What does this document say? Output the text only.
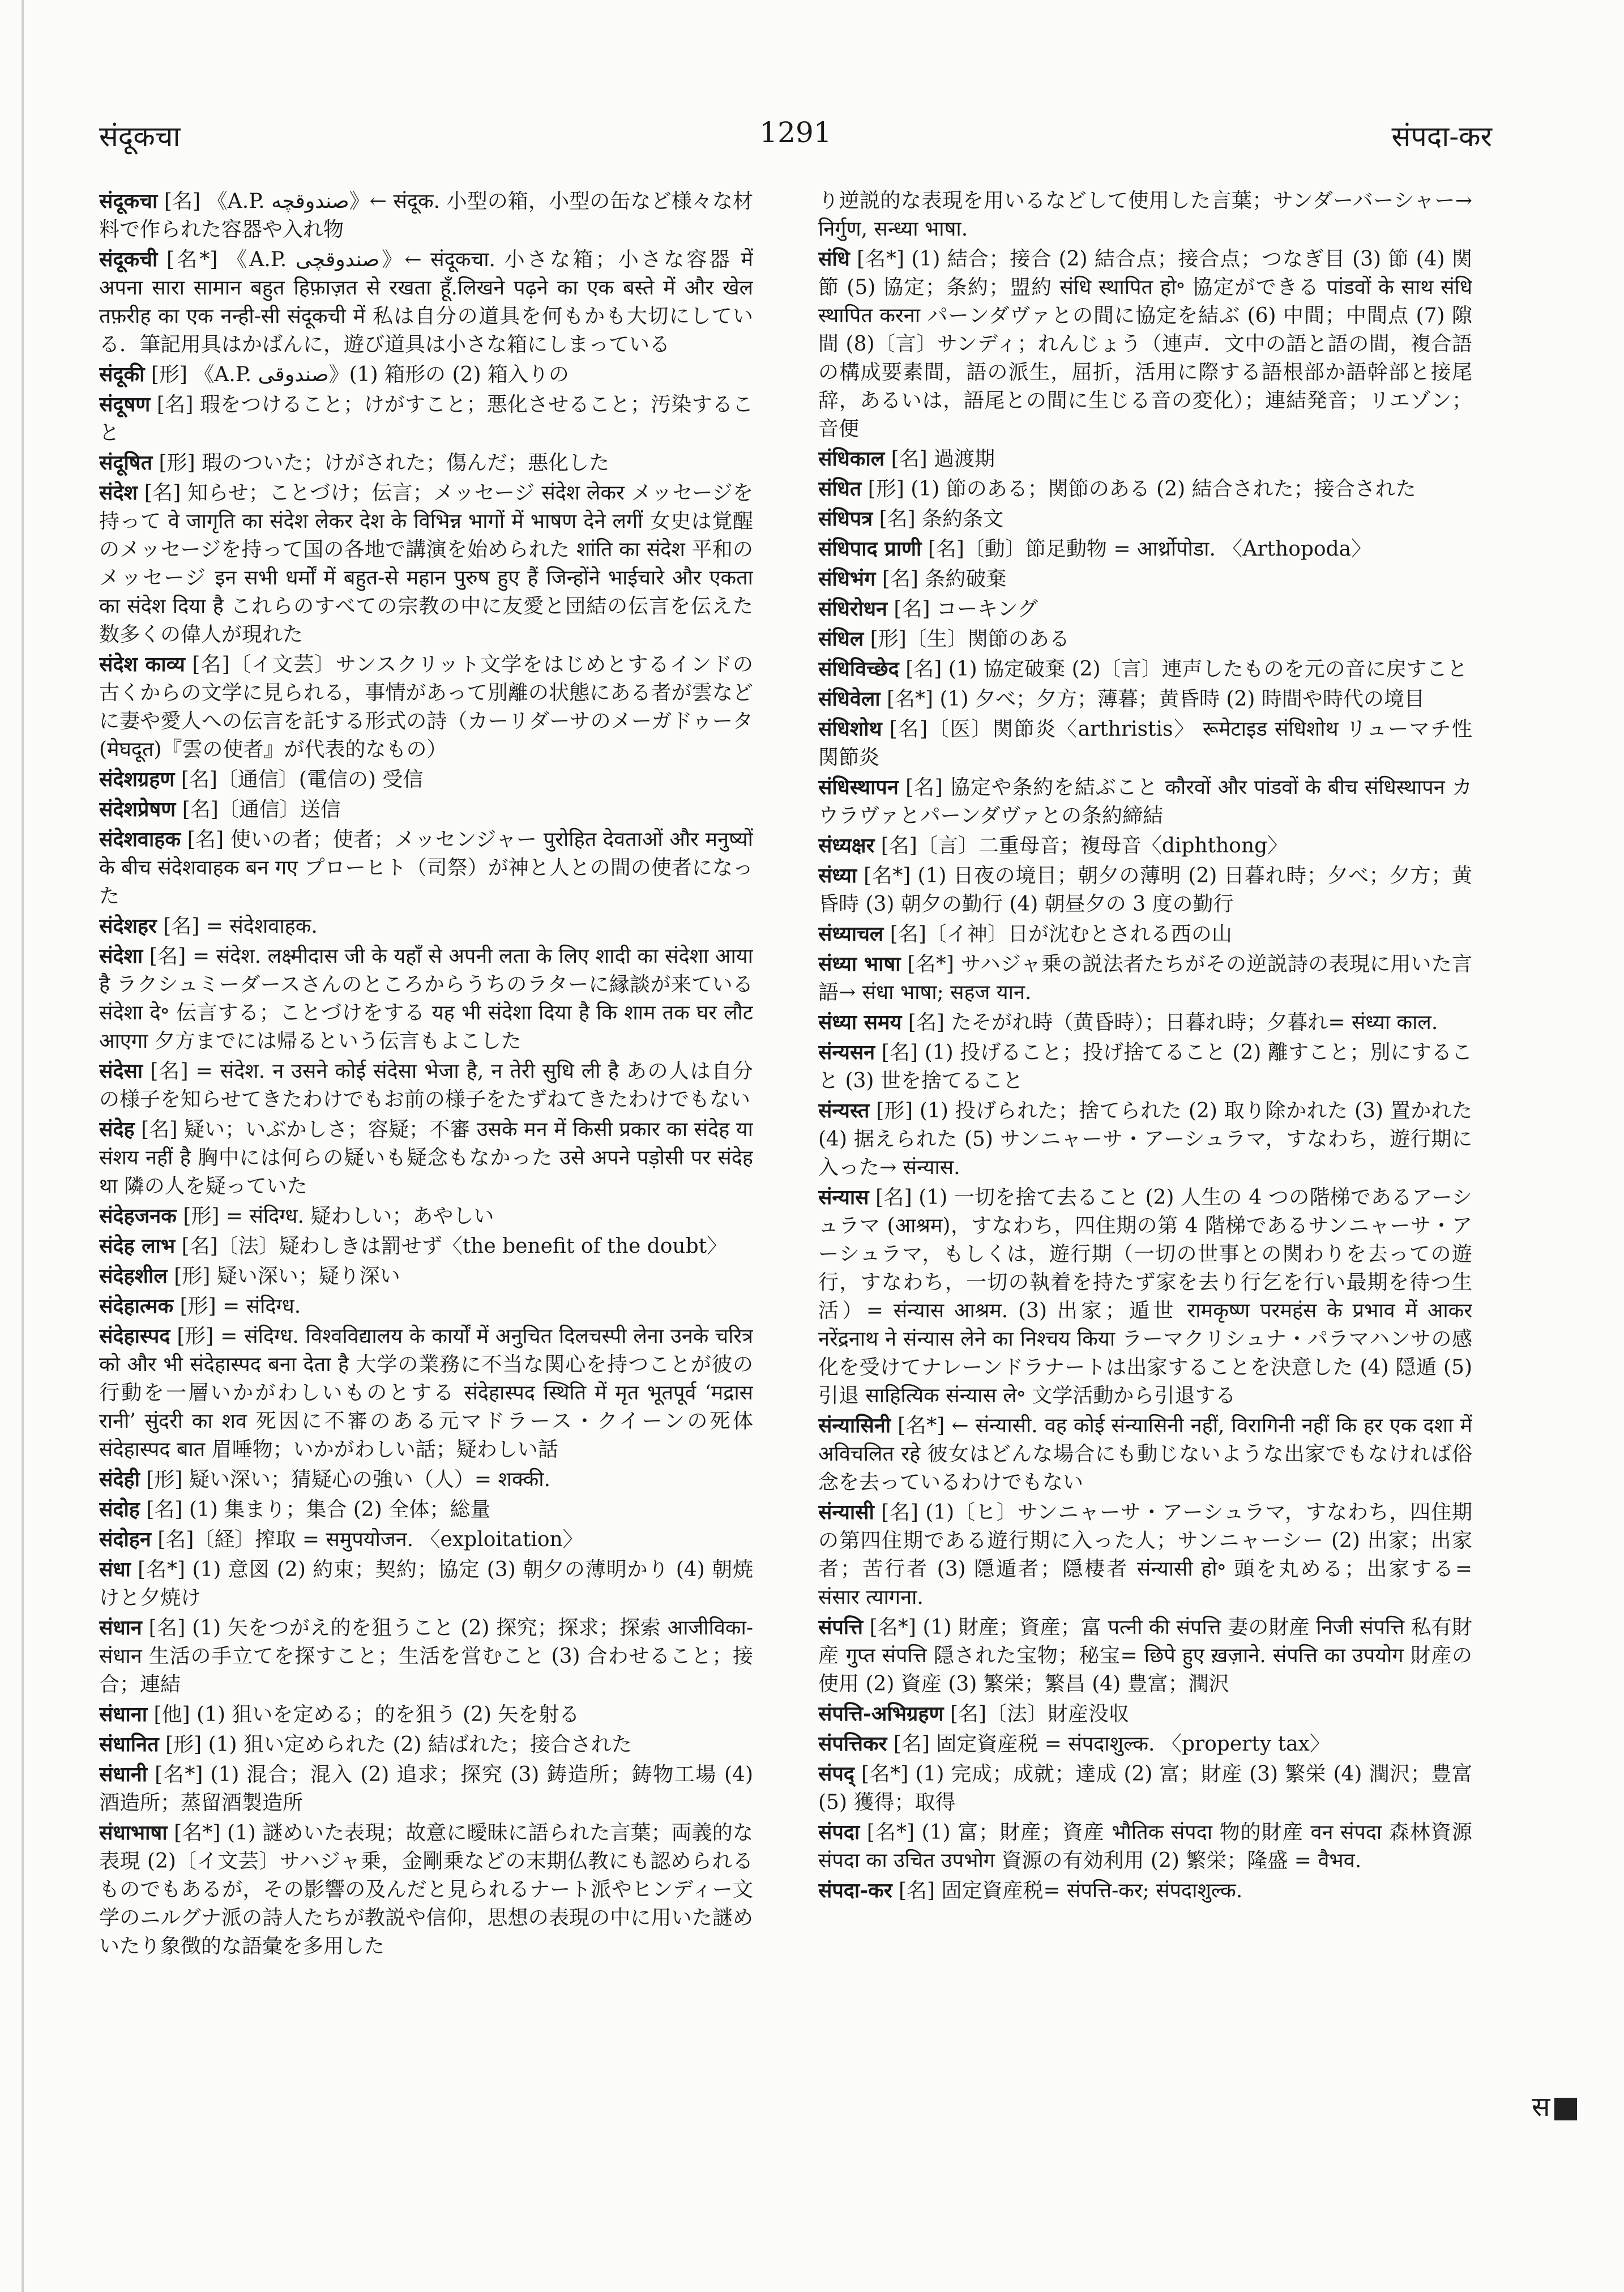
संदूकचा	1291	संपदा-कर
संदूकचा [名] 《A.P. صندوقچه》← संदूक. 小型の箱，小型の缶など様々な材料で作られた容器や入れ物
संदूकची [名*] 《A.P. صندوقچی》← संदूकचा. 小さな箱；小さな容器 में अपना सारा सामान बहुत हिफ़ाज़त से रखता हूँ.लिखने पढ़ने का एक बस्ते में और खेल तफ़रीह का एक नन्ही-सी संदूकची में 私は自分の道具を何もかも大切にしている．筆記用具はかばんに，遊び道具は小さな箱にしまっている
संदूकी [形] 《A.P. صندوقی》(1) 箱形の (2) 箱入りの
संदूषण [名] 瑕をつけること；けがすこと；悪化させること；汚染すること
संदूषित [形] 瑕のついた；けがされた；傷んだ；悪化した
संदेश [名] 知らせ；ことづけ；伝言；メッセージ संदेश लेकर メッセージを持って वे जागृति का संदेश लेकर देश के विभिन्न भागों में भाषण देने लगीं 女史は覚醒のメッセージを持って国の各地で講演を始められた शांति का संदेश 平和のメッセージ इन सभी धर्मों में बहुत-से महान पुरुष हुए हैं जिन्होंने भाईचारे और एकता का संदेश दिया है これらのすべての宗教の中に友愛と団結の伝言を伝えた数多くの偉人が現れた
संदेश काव्य [名]〔イ文芸〕サンスクリット文学をはじめとするインドの古くからの文学に見られる，事情があって別離の状態にある者が雲などに妻や愛人への伝言を託する形式の詩（カーリダーサのメーガドゥータ (मेघदूत)『雲の使者』が代表的なもの）
संदेशग्रहण [名]〔通信〕(電信の) 受信
संदेशप्रेषण [名]〔通信〕送信
संदेशवाहक [名] 使いの者；使者；メッセンジャー पुरोहित देवताओं और मनुष्यों के बीच संदेशवाहक बन गए プローヒト（司祭）が神と人との間の使者になった
संदेशहर [名] = संदेशवाहक.
संदेशा [名] = संदेश. लक्ष्मीदास जी के यहाँ से अपनी लता के लिए शादी का संदेशा आया है ラクシュミーダースさんのところからうちのラターに縁談が来ている संदेशा दे॰ 伝言する；ことづけをする यह भी संदेशा दिया है कि शाम तक घर लौट आएगा 夕方までには帰るという伝言もよこした
संदेसा [名] = संदेश. न उसने कोई संदेसा भेजा है, न तेरी सुधि ली है あの人は自分の様子を知らせてきたわけでもお前の様子をたずねてきたわけでもない
संदेह [名] 疑い；いぶかしさ；容疑；不審 उसके मन में किसी प्रकार का संदेह या संशय नहीं है 胸中には何らの疑いも疑念もなかった उसे अपने पड़ोसी पर संदेह था 隣の人を疑っていた
संदेहजनक [形] = संदिग्ध. 疑わしい；あやしい
संदेह लाभ [名]〔法〕疑わしきは罰せず〈the benefit of the doubt〉
संदेहशील [形] 疑い深い；疑り深い
संदेहात्मक [形] = संदिग्ध.
संदेहास्पद [形] = संदिग्ध. विश्वविद्यालय के कार्यों में अनुचित दिलचस्पी लेना उनके चरित्र को और भी संदेहास्पद बना देता है 大学の業務に不当な関心を持つことが彼の行動を一層いかがわしいものとする संदेहास्पद स्थिति में मृत भूतपूर्व ‘मद्रास रानी’ सुंदरी का शव 死因に不審のある元マドラース・クイーンの死体 संदेहास्पद बात 眉唾物；いかがわしい話；疑わしい話
संदेही [形] 疑い深い；猜疑心の強い（人）= शक्की.
संदोह [名] (1) 集まり；集合 (2) 全体；総量
संदोहन [名]〔経〕搾取 = समुपयोजन. 〈exploitation〉
संधा [名*] (1) 意図 (2) 約束；契約；協定 (3) 朝夕の薄明かり (4) 朝焼けと夕焼け
संधान [名] (1) 矢をつがえ的を狙うこと (2) 探究；探求；探索 आजीविका-संधान 生活の手立てを探すこと；生活を営むこと (3) 合わせること；接合；連結
संधाना [他] (1) 狙いを定める；的を狙う (2) 矢を射る
संधानित [形] (1) 狙い定められた (2) 結ばれた；接合された
संधानी [名*] (1) 混合；混入 (2) 追求；探究 (3) 鋳造所；鋳物工場 (4) 酒造所；蒸留酒製造所
संधाभाषा [名*] (1) 謎めいた表現；故意に曖昧に語られた言葉；両義的な表現 (2)〔イ文芸〕サハジャ乗，金剛乗などの末期仏教にも認められるものでもあるが，その影響の及んだと見られるナート派やヒンディー文学のニルグナ派の詩人たちが教説や信仰，思想の表現の中に用いた謎めいたり象徴的な語彙を多用した
り逆説的な表現を用いるなどして使用した言葉；サンダーバーシャー→ निर्गुण, सन्ध्या भाषा.
संधि [名*] (1) 結合；接合 (2) 結合点；接合点；つなぎ目 (3) 節 (4) 関節 (5) 協定；条約；盟約 संधि स्थापित हो॰ 協定ができる पांडवों के साथ संधि स्थापित करना パーンダヴァとの間に協定を結ぶ (6) 中間；中間点 (7) 隙間 (8)〔言〕サンディ；れんじょう（連声．文中の語と語の間，複合語の構成要素間，語の派生，屈折，活用に際する語根部か語幹部と接尾辞，あるいは，語尾との間に生じる音の変化）；連結発音；リエゾン；音便
संधिकाल [名] 過渡期
संधित [形] (1) 節のある；関節のある (2) 結合された；接合された
संधिपत्र [名] 条約条文
संधिपाद प्राणी [名]〔動〕節足動物 = आर्थ्रोपोडा. 〈Arthopoda〉
संधिभंग [名] 条約破棄
संधिरोधन [名] コーキング
संधिल [形]〔生〕関節のある
संधिविच्छेद [名] (1) 協定破棄 (2)〔言〕連声したものを元の音に戻すこと
संधिवेला [名*] (1) 夕べ；夕方；薄暮；黄昏時 (2) 時間や時代の境目
संधिशोथ [名]〔医〕関節炎〈arthristis〉 रूमेटाइड संधिशोथ リューマチ性関節炎
संधिस्थापन [名] 協定や条約を結ぶこと कौरवों और पांडवों के बीच संधिस्थापन カウラヴァとパーンダヴァとの条約締結
संध्यक्षर [名]〔言〕二重母音；複母音〈diphthong〉
संध्या [名*] (1) 日夜の境目；朝夕の薄明 (2) 日暮れ時；夕べ；夕方；黄昏時 (3) 朝夕の勤行 (4) 朝昼夕の 3 度の勤行
संध्याचल [名]〔イ神〕日が沈むとされる西の山
संध्या भाषा [名*] サハジャ乗の説法者たちがその逆説詩の表現に用いた言語→ संधा भाषा; सहज यान.
संध्या समय [名] たそがれ時（黄昏時）；日暮れ時；夕暮れ= संध्या काल.
संन्यसन [名] (1) 投げること；投げ捨てること (2) 離すこと；別にすること (3) 世を捨てること
संन्यस्त [形] (1) 投げられた；捨てられた (2) 取り除かれた (3) 置かれた (4) 据えられた (5) サンニャーサ・アーシュラマ，すなわち，遊行期に入った→ संन्यास.
संन्यास [名] (1) 一切を捨て去ること (2) 人生の 4 つの階梯であるアーシュラマ (आश्रम)，すなわち，四住期の第 4 階梯であるサンニャーサ・アーシュラマ，もしくは，遊行期（一切の世事との関わりを去っての遊行，すなわち，一切の執着を持たず家を去り行乞を行い最期を待つ生活）= संन्यास आश्रम. (3) 出家；遁世 रामकृष्ण परमहंस के प्रभाव में आकर नरेंद्रनाथ ने संन्यास लेने का निश्चय किया ラーマクリシュナ・パラマハンサの感化を受けてナレーンドラナートは出家することを決意した (4) 隠遁 (5) 引退 साहित्यिक संन्यास ले॰ 文学活動から引退する
संन्यासिनी [名*] ← संन्यासी. वह कोई संन्यासिनी नहीं, विरागिनी नहीं कि हर एक दशा में अविचलित रहे 彼女はどんな場合にも動じないような出家でもなければ俗念を去っているわけでもない
संन्यासी [名] (1)〔ヒ〕サンニャーサ・アーシュラマ，すなわち，四住期の第四住期である遊行期に入った人；サンニャーシー (2) 出家；出家者；苦行者 (3) 隠遁者；隠棲者 संन्यासी हो॰ 頭を丸める；出家する= संसार त्यागना.
संपत्ति [名*] (1) 財産；資産；富 पत्नी की संपत्ति 妻の財産 निजी संपत्ति 私有財産 गुप्त संपत्ति 隠された宝物；秘宝= छिपे हुए ख़ज़ाने. संपत्ति का उपयोग 財産の使用 (2) 資産 (3) 繁栄；繁昌 (4) 豊富；潤沢
संपत्ति-अभिग्रहण [名]〔法〕財産没収
संपत्तिकर [名] 固定資産税 = संपदाशुल्क. 〈property tax〉
संपद् [名*] (1) 完成；成就；達成 (2) 富；財産 (3) 繁栄 (4) 潤沢；豊富 (5) 獲得；取得
संपदा [名*] (1) 富；財産；資産 भौतिक संपदा 物的財産 वन संपदा 森林資源 संपदा का उचित उपभोग 資源の有効利用 (2) 繁栄；隆盛 = वैभव.
संपदा-कर [名] 固定資産税= संपत्ति-कर; संपदाशुल्क.
स
